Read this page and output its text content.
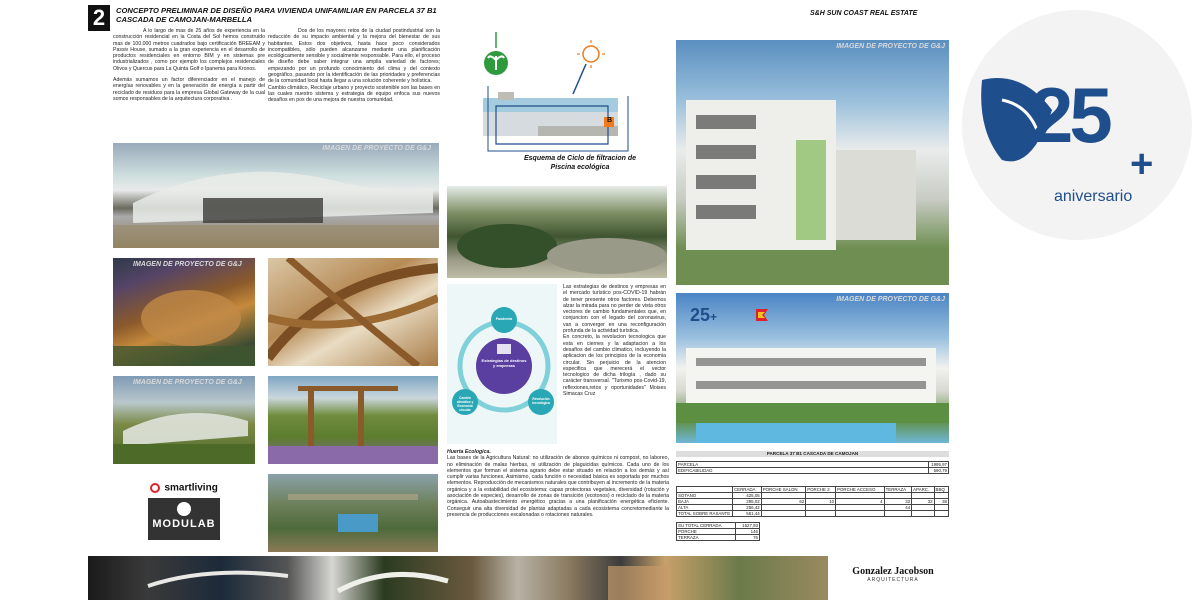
2	CONCEPTO PRELIMINAR DE DISEÑO PARA VIVIENDA UNIFAMILIAR EN PARCELA 37 B1
CASCADA DE CAMOJAN-MARBELLA
S&H SUN COAST REAL ESTATE

A lo largo de mas de 25 años de experiencia en la construcción residencial en la Costa del Sol hemos construido mas de 100.000 metros cuadrados bajo certificación BREEAM y Passiv House, sumado a la gran experiencia en el desarrollo de productos residenciales en entorno BIM y en sistemas pre industrializados , como por ejemplo los complejos residenciales Olivos y Quercus para La Quinta Golf o Ipanema para Kronos.

Además sumamos un factor diferenciador en el manejo de energías renovables y en la generación de energía a partir del reciclado de residuos para la empresa Global Gateway de la cual somos responsables de la arquitectura corporativa .

Dos de los mayores retos de la ciudad postindustrial son la reducción de su impacto ambiental y la mejora del bienestar de sus habitantes. Estos dos objetivos, hasta hace poco considerados incompatibles, sólo pueden alcanzarse mediante una planificación ecológicamente sensible y socialmente responsable. Para ello, el proceso de diseño debe saber integrar una amplia variedad de factores; empezando por un profundo conocimiento del clima y del contexto geográfico, pasando por la identificación de las prioridades y preferencias de la comunidad local hasta llegar a una solución coherente y holística.

Cambio climático, Reciclaje urbano y proyecto sostenible son las bases en las cuales nuestro sistema y estrategia de equipo enfoca sus nuevos desafíos en pos de una mejora de nuestra comunidad.

IMAGEN DE PROYECTO DE G&J
IMAGEN DE PROYECTO DE G&J
IMAGEN DE PROYECTO DE G&J
smartliving
MODULAB
B
Esquema de Ciclo de filtracion de
Piscina ecológica
Estrategias de destinos y empresas
Pandemia
Cambio climático y Economía circular
Revolución tecnológica

Las estrategias de destinos y empresas en el mercado turístico pos-COVID-19 habrán de tener presente otros factores. Debemos alzar la mirada para no perder de vista otros vectores de cambio fundamentales que, en conjuncion con el legado del coronavirus, van a converger en una reconfiguración profunda de la actividad turística.

En concreto, la revolucion tecnologica que esta en ciernes y la adaptacion a los desafíos del cambio climatico, incluyendo la aplicacion de los principios de la economia circular. Sin perjuicio de la atencion especifica que merecerá el vector tecnologico de dicha trilogía , dado su carácter transversal. "Turismo pos-Covid-19, reflexiones,retos y oportunidades" Moises Simacas Cruz

Huerta Ecologica.

Las bases de la Agricultura Natural: no utilización de abonos químicos ni compost, no laboreo, no eliminación de malas hierbas, ni utilización de plaguicidas químicos. Cada uno de los elementos que forman el sistema agrario debe estar situado en relación a los demás y así cumplir varias funciones. Asimismo, cada función o necesidad básica es soportada por muchos elementos. Reproducción de mecanismos naturales que contribuyen al incremento de la materia orgánica y a la estabilidad del ecosistema: capas protectoras vegetales, diversidad (rotación y asociación de especies), desarrollo de zonas de transición (ecotonos) o reciclado de la materia orgánica. Autoabastecimiento energético gracias a una planificación energética eficiente. Conseguir una alta diversidad de plantas adaptadas a cada ecosistema concretomediante la presencia de producciones escalonadas o rotaciones naturales.

IMAGEN DE PROYECTO DE G&J
25+
IMAGEN DE PROYECTO DE G&J
PARCELA 37 B1 CASCADA DE CAMOJAN
PARCELA	1995,97
EDIFICABILIDAD	590,79
	CERRADA	PORCHE SALON	PORCHE 2	PORCHE ACCESO	TERRAZA	APARC.	BBQ
SOTANO	425,05						
BAJA	295,02	62	10	4	32	32	38
ALTA	256,42				44		
TOTAL SOBRE RASANTE	551,44						
SU TOTAL CERRADA	1527,93
PORCHE	146
TERRAZA	76
25
+
aniversario
Gonzalez Jacobson
ARQUITECTURA
